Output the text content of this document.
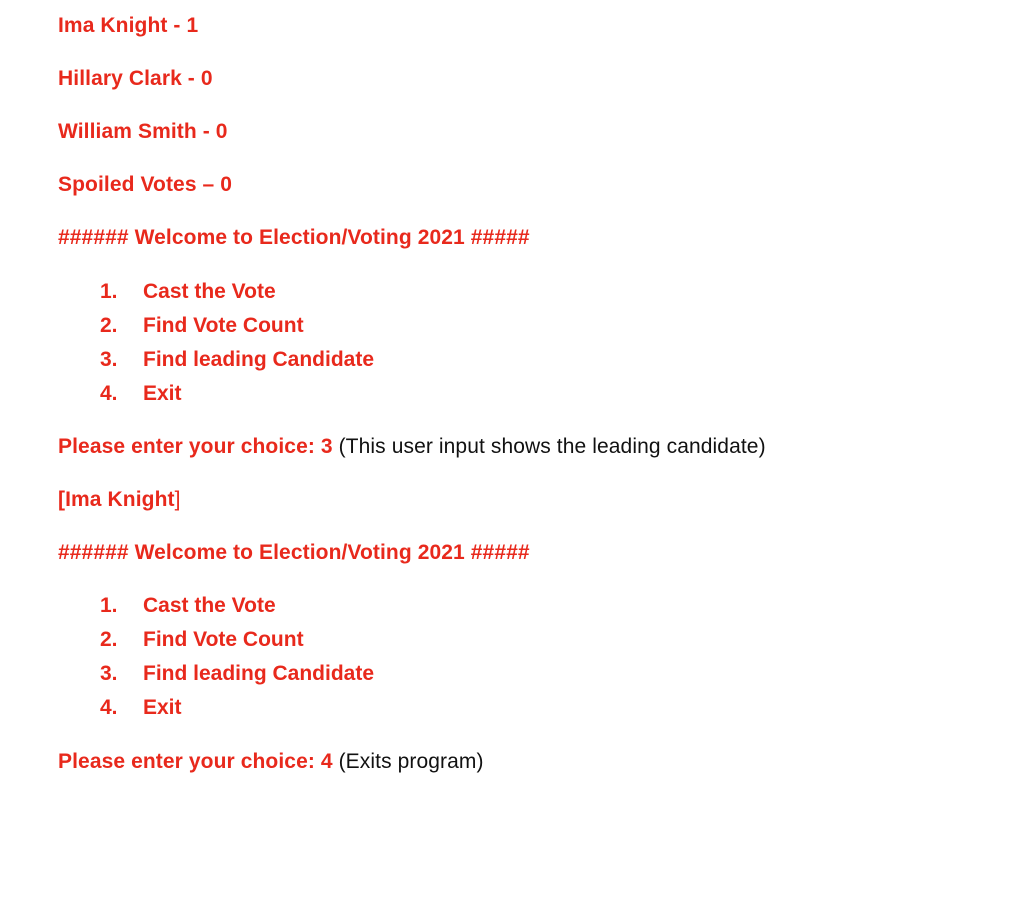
Ima Knight - 1
Hillary Clark - 0
William Smith - 0
Spoiled Votes – 0
###### Welcome to Election/Voting 2021 #####
1. Cast the Vote
2. Find Vote Count
3. Find leading Candidate
4. Exit
Please enter your choice: 3 (This user input shows the leading candidate)
[Ima Knight]
###### Welcome to Election/Voting 2021 #####
1. Cast the Vote
2. Find Vote Count
3. Find leading Candidate
4. Exit
Please enter your choice: 4 (Exits program)
